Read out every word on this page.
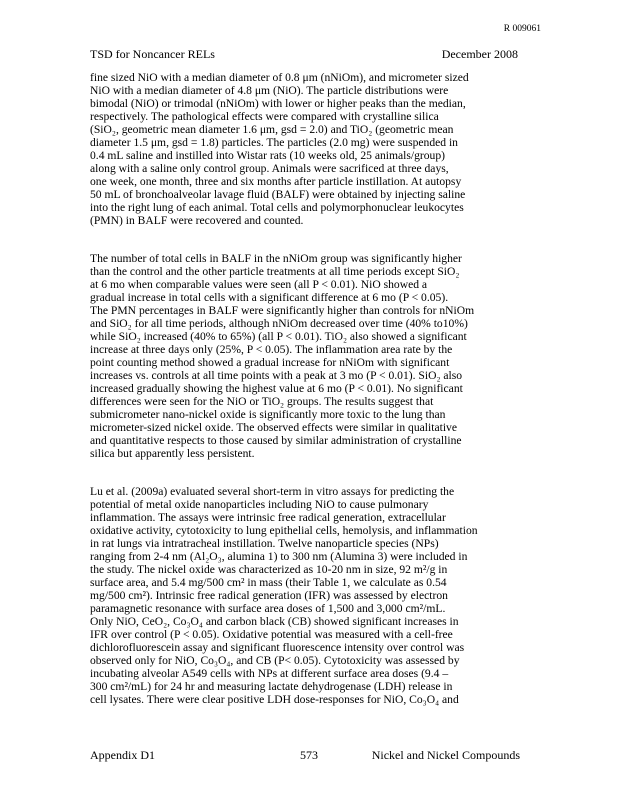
R 009061
TSD for Noncancer RELs	December 2008
fine sized NiO with a median diameter of 0.8 μm (nNiOm), and micrometer sized
NiO with a median diameter of 4.8 μm (NiO). The particle distributions were
bimodal (NiO) or trimodal (nNiOm) with lower or higher peaks than the median,
respectively. The pathological effects were compared with crystalline silica
(SiO₂, geometric mean diameter 1.6 μm, gsd = 2.0) and TiO₂ (geometric mean
diameter 1.5 μm, gsd = 1.8) particles. The particles (2.0 mg) were suspended in
0.4 mL saline and instilled into Wistar rats (10 weeks old, 25 animals/group)
along with a saline only control group. Animals were sacrificed at three days,
one week, one month, three and six months after particle instillation. At autopsy
50 mL of bronchoalveolar lavage fluid (BALF) were obtained by injecting saline
into the right lung of each animal. Total cells and polymorphonuclear leukocytes
(PMN) in BALF were recovered and counted.
The number of total cells in BALF in the nNiOm group was significantly higher
than the control and the other particle treatments at all time periods except SiO₂
at 6 mo when comparable values were seen (all P < 0.01). NiO showed a
gradual increase in total cells with a significant difference at 6 mo (P < 0.05).
The PMN percentages in BALF were significantly higher than controls for nNiOm
and SiO₂ for all time periods, although nNiOm decreased over time (40% to10%)
while SiO₂ increased (40% to 65%) (all P < 0.01). TiO₂ also showed a significant
increase at three days only (25%, P < 0.05). The inflammation area rate by the
point counting method showed a gradual increase for nNiOm with significant
increases vs. controls at all time points with a peak at 3 mo (P < 0.01). SiO₂ also
increased gradually showing the highest value at 6 mo (P < 0.01). No significant
differences were seen for the NiO or TiO₂ groups. The results suggest that
submicrometer nano-nickel oxide is significantly more toxic to the lung than
micrometer-sized nickel oxide. The observed effects were similar in qualitative
and quantitative respects to those caused by similar administration of crystalline
silica but apparently less persistent.
Lu et al. (2009a) evaluated several short-term in vitro assays for predicting the
potential of metal oxide nanoparticles including NiO to cause pulmonary
inflammation. The assays were intrinsic free radical generation, extracellular
oxidative activity, cytotoxicity to lung epithelial cells, hemolysis, and inflammation
in rat lungs via intratracheal instillation. Twelve nanoparticle species (NPs)
ranging from 2-4 nm (Al₂O₃, alumina 1) to 300 nm (Alumina 3) were included in
the study. The nickel oxide was characterized as 10-20 nm in size, 92 m²/g in
surface area, and 5.4 mg/500 cm² in mass (their Table 1, we calculate as 0.54
mg/500 cm²). Intrinsic free radical generation (IFR) was assessed by electron
paramagnetic resonance with surface area doses of 1,500 and 3,000 cm²/mL.
Only NiO, CeO₂, Co₃O₄ and carbon black (CB) showed significant increases in
IFR over control (P < 0.05). Oxidative potential was measured with a cell-free
dichlorofluorescein assay and significant fluorescence intensity over control was
observed only for NiO, Co₃O₄, and CB (P< 0.05). Cytotoxicity was assessed by
incubating alveolar A549 cells with NPs at different surface area doses (9.4 –
300 cm²/mL) for 24 hr and measuring lactate dehydrogenase (LDH) release in
cell lysates. There were clear positive LDH dose-responses for NiO, Co₃O₄ and
Appendix D1	573	Nickel and Nickel Compounds
